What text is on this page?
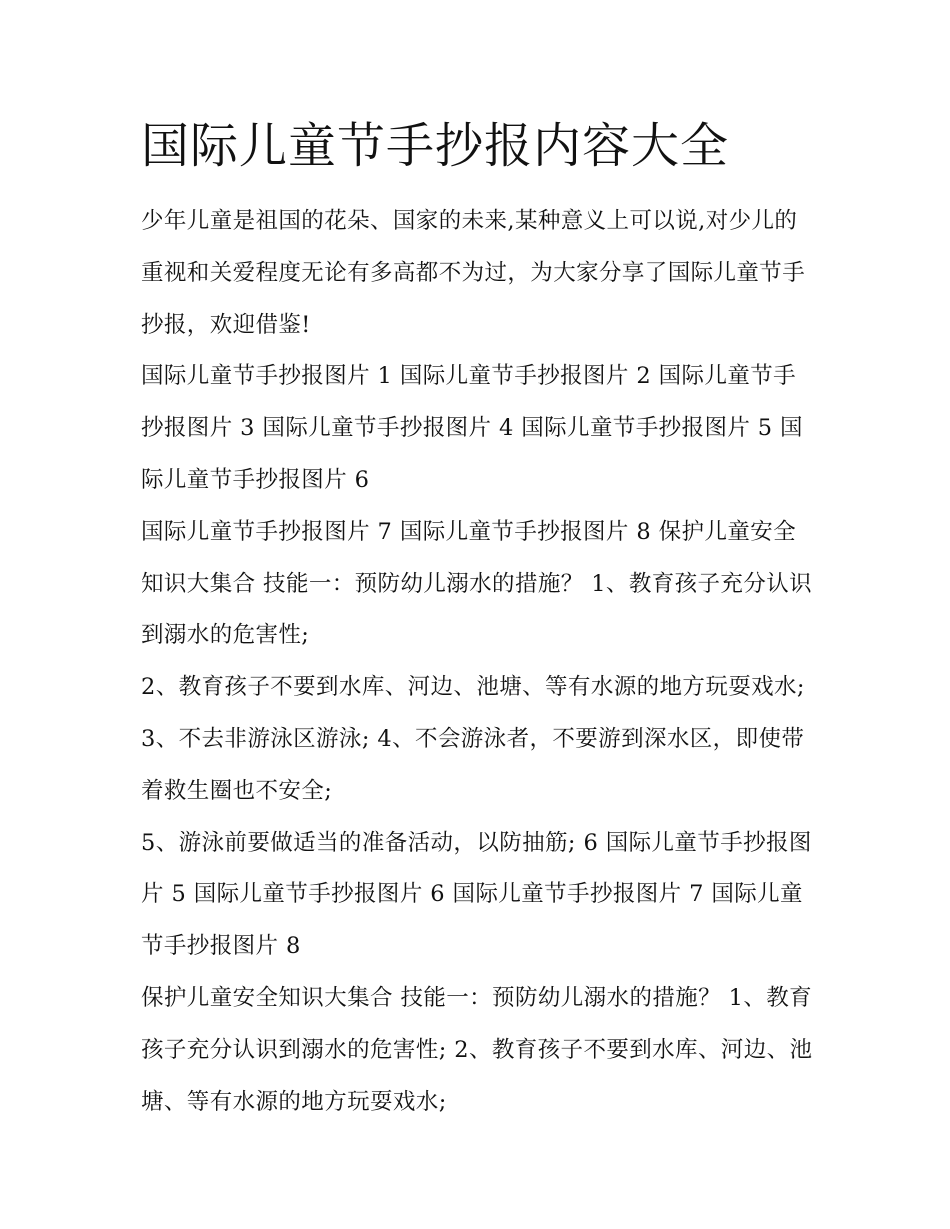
国际儿童节手抄报内容大全

少年儿童是祖国的花朵、国家的未来,某种意义上可以说,对少儿的重视和关爱程度无论有多高都不为过，为大家分享了国际儿童节手抄报，欢迎借鉴!

国际儿童节手抄报图片 1 国际儿童节手抄报图片 2 国际儿童节手抄报图片 3 国际儿童节手抄报图片 4 国际儿童节手抄报图片 5 国际儿童节手抄报图片 6

国际儿童节手抄报图片 7 国际儿童节手抄报图片 8 保护儿童安全知识大集合 技能一：预防幼儿溺水的措施？ 1、教育孩子充分认识到溺水的危害性;

2、教育孩子不要到水库、河边、池塘、等有水源的地方玩耍戏水; 3、不去非游泳区游泳; 4、不会游泳者，不要游到深水区，即使带着救生圈也不安全;

5、游泳前要做适当的准备活动，以防抽筋; 6 国际儿童节手抄报图片 5 国际儿童节手抄报图片 6 国际儿童节手抄报图片 7 国际儿童节手抄报图片 8

保护儿童安全知识大集合 技能一：预防幼儿溺水的措施？ 1、教育孩子充分认识到溺水的危害性; 2、教育孩子不要到水库、河边、池塘、等有水源的地方玩耍戏水;
